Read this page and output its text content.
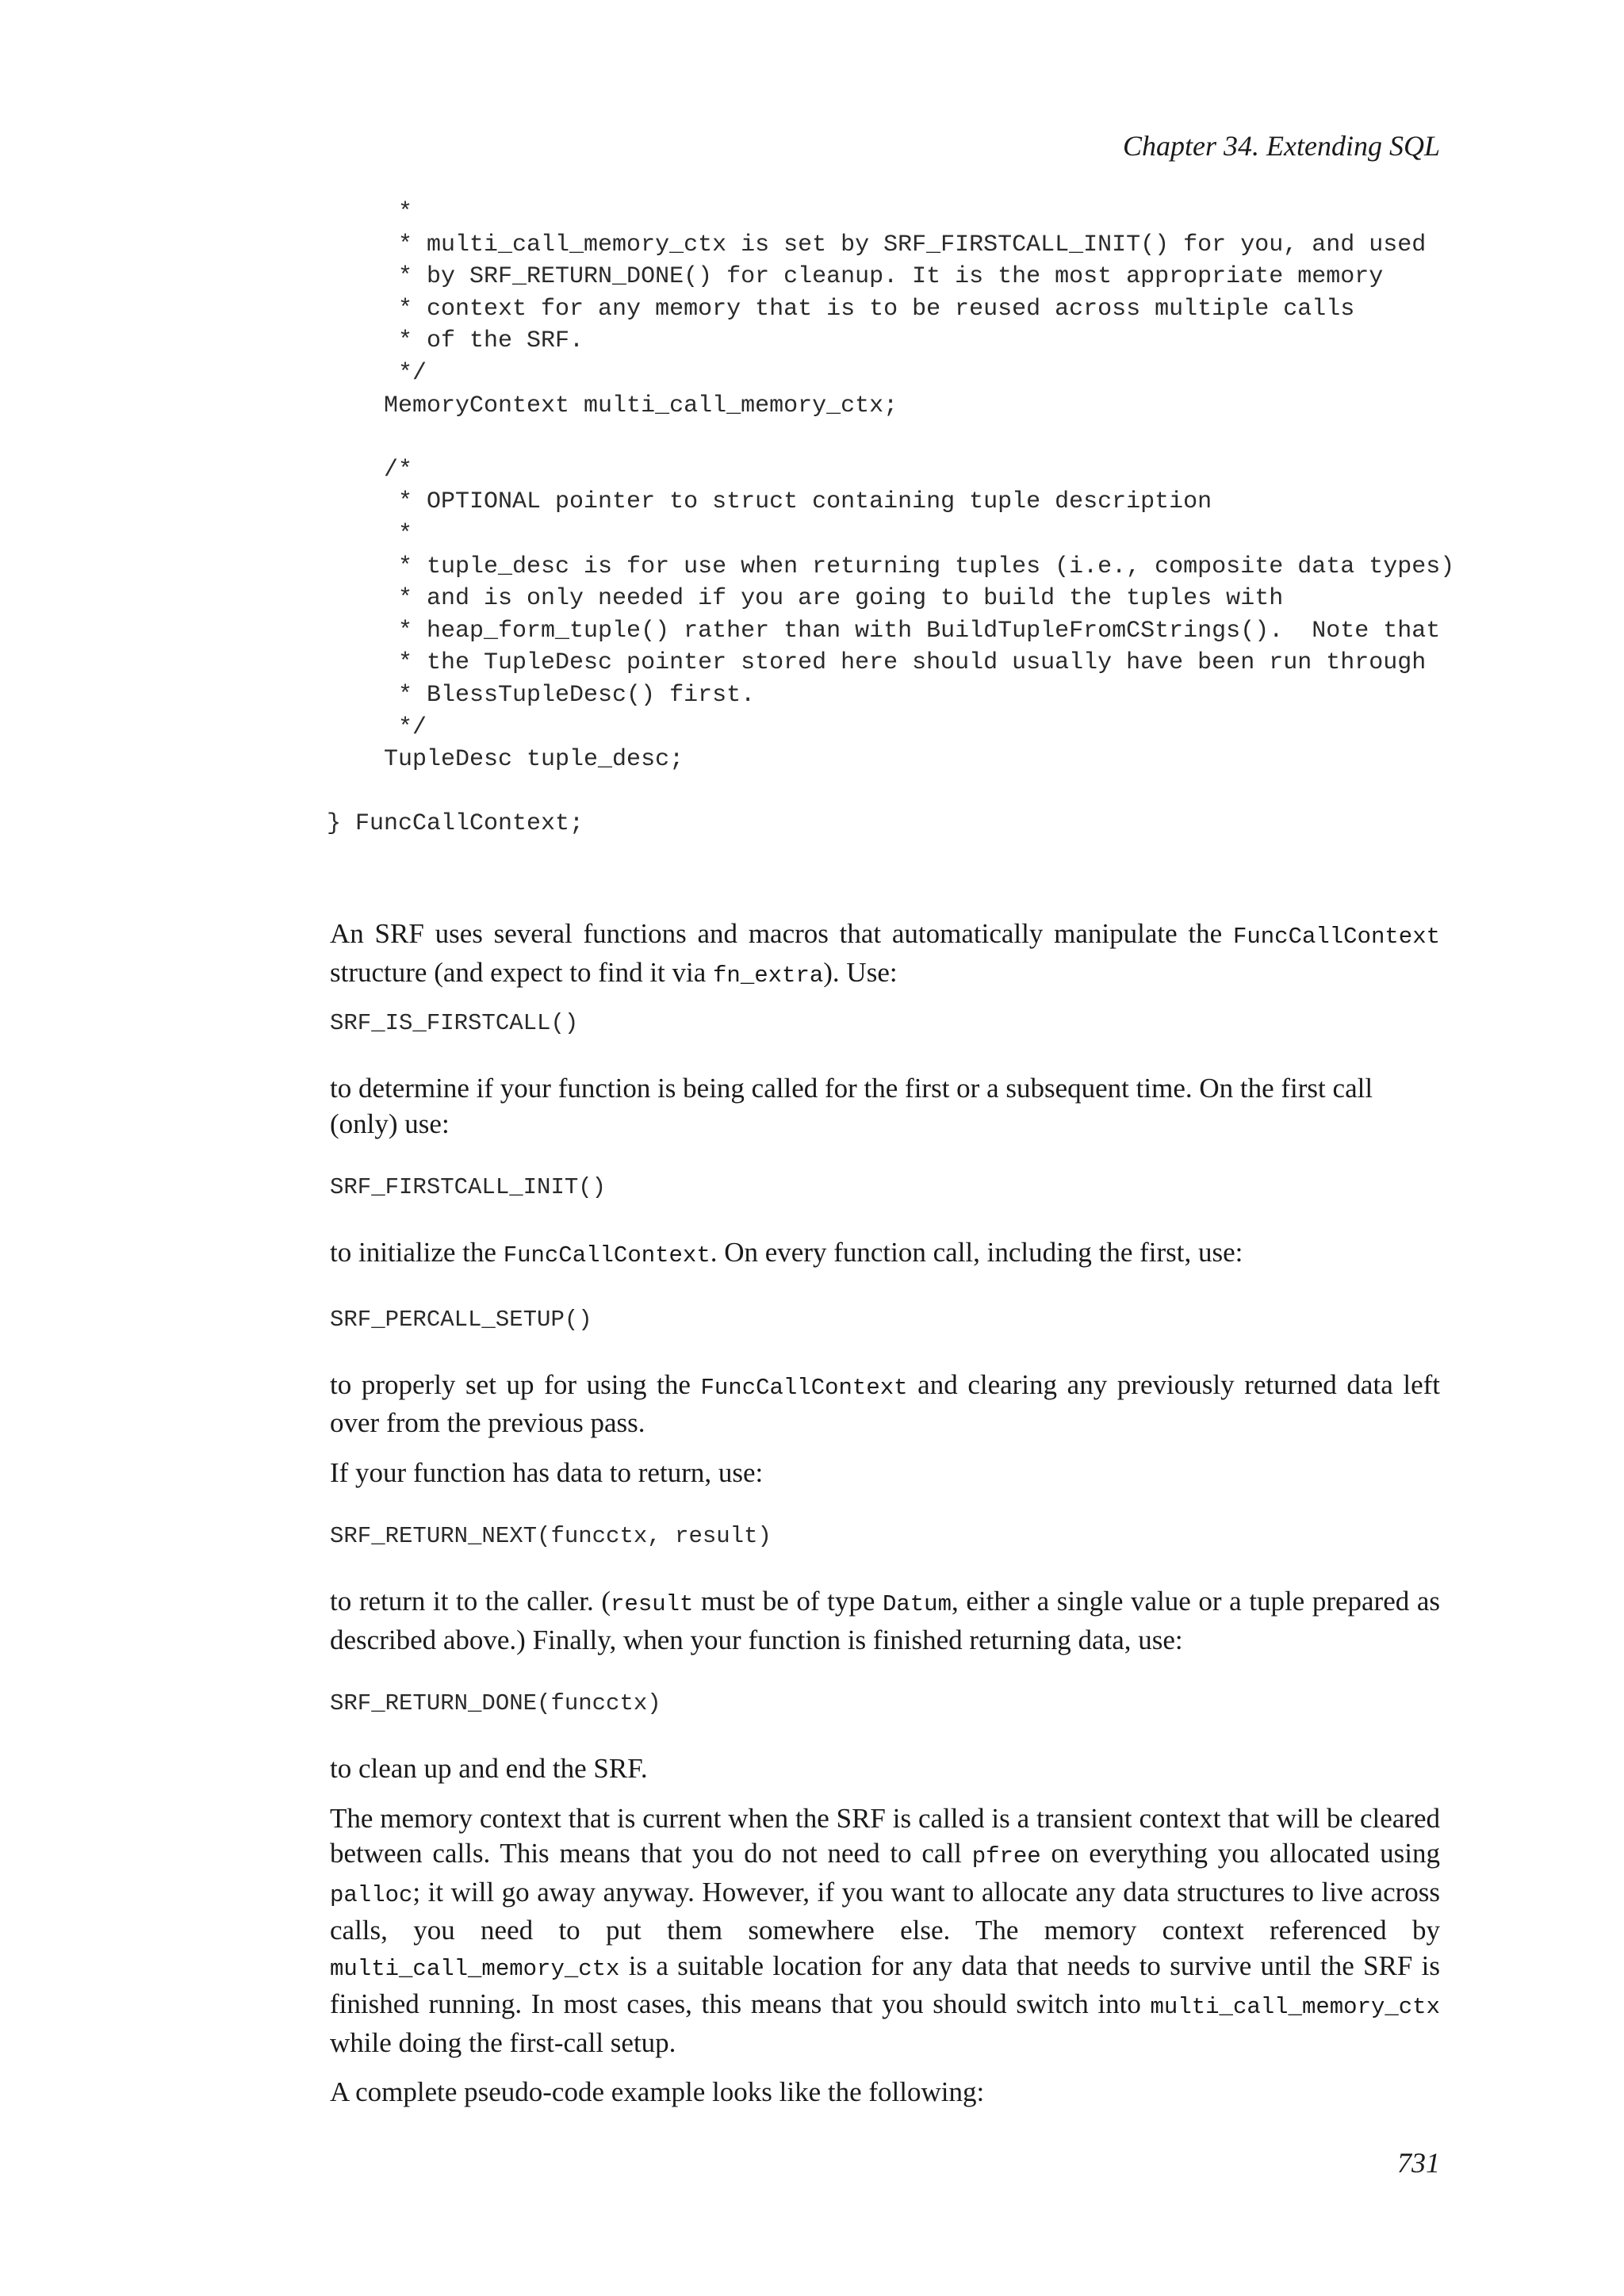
Chapter 34. Extending SQL
*
* multi_call_memory_ctx is set by SRF_FIRSTCALL_INIT() for you, and used
* by SRF_RETURN_DONE() for cleanup. It is the most appropriate memory
* context for any memory that is to be reused across multiple calls
* of the SRF.
*/
MemoryContext multi_call_memory_ctx;

/*
* OPTIONAL pointer to struct containing tuple description
*
* tuple_desc is for use when returning tuples (i.e., composite data types)
* and is only needed if you are going to build the tuples with
* heap_form_tuple() rather than with BuildTupleFromCStrings().  Note that
* the TupleDesc pointer stored here should usually have been run through
* BlessTupleDesc() first.
*/
TupleDesc tuple_desc;

} FuncCallContext;

An SRF uses several functions and macros that automatically manipulate the FuncCallContext structure (and expect to find it via fn_extra). Use:

SRF_IS_FIRSTCALL()

to determine if your function is being called for the first or a subsequent time. On the first call (only) use:

SRF_FIRSTCALL_INIT()

to initialize the FuncCallContext. On every function call, including the first, use:

SRF_PERCALL_SETUP()

to properly set up for using the FuncCallContext and clearing any previously returned data left over from the previous pass.

If your function has data to return, use:

SRF_RETURN_NEXT(funcctx, result)

to return it to the caller. (result must be of type Datum, either a single value or a tuple prepared as described above.) Finally, when your function is finished returning data, use:

SRF_RETURN_DONE(funcctx)

to clean up and end the SRF.

The memory context that is current when the SRF is called is a transient context that will be cleared between calls. This means that you do not need to call pfree on everything you allocated using palloc; it will go away anyway. However, if you want to allocate any data structures to live across calls, you need to put them somewhere else. The memory context referenced by multi_call_memory_ctx is a suitable location for any data that needs to survive until the SRF is finished running. In most cases, this means that you should switch into multi_call_memory_ctx while doing the first-call setup.

A complete pseudo-code example looks like the following:

731
